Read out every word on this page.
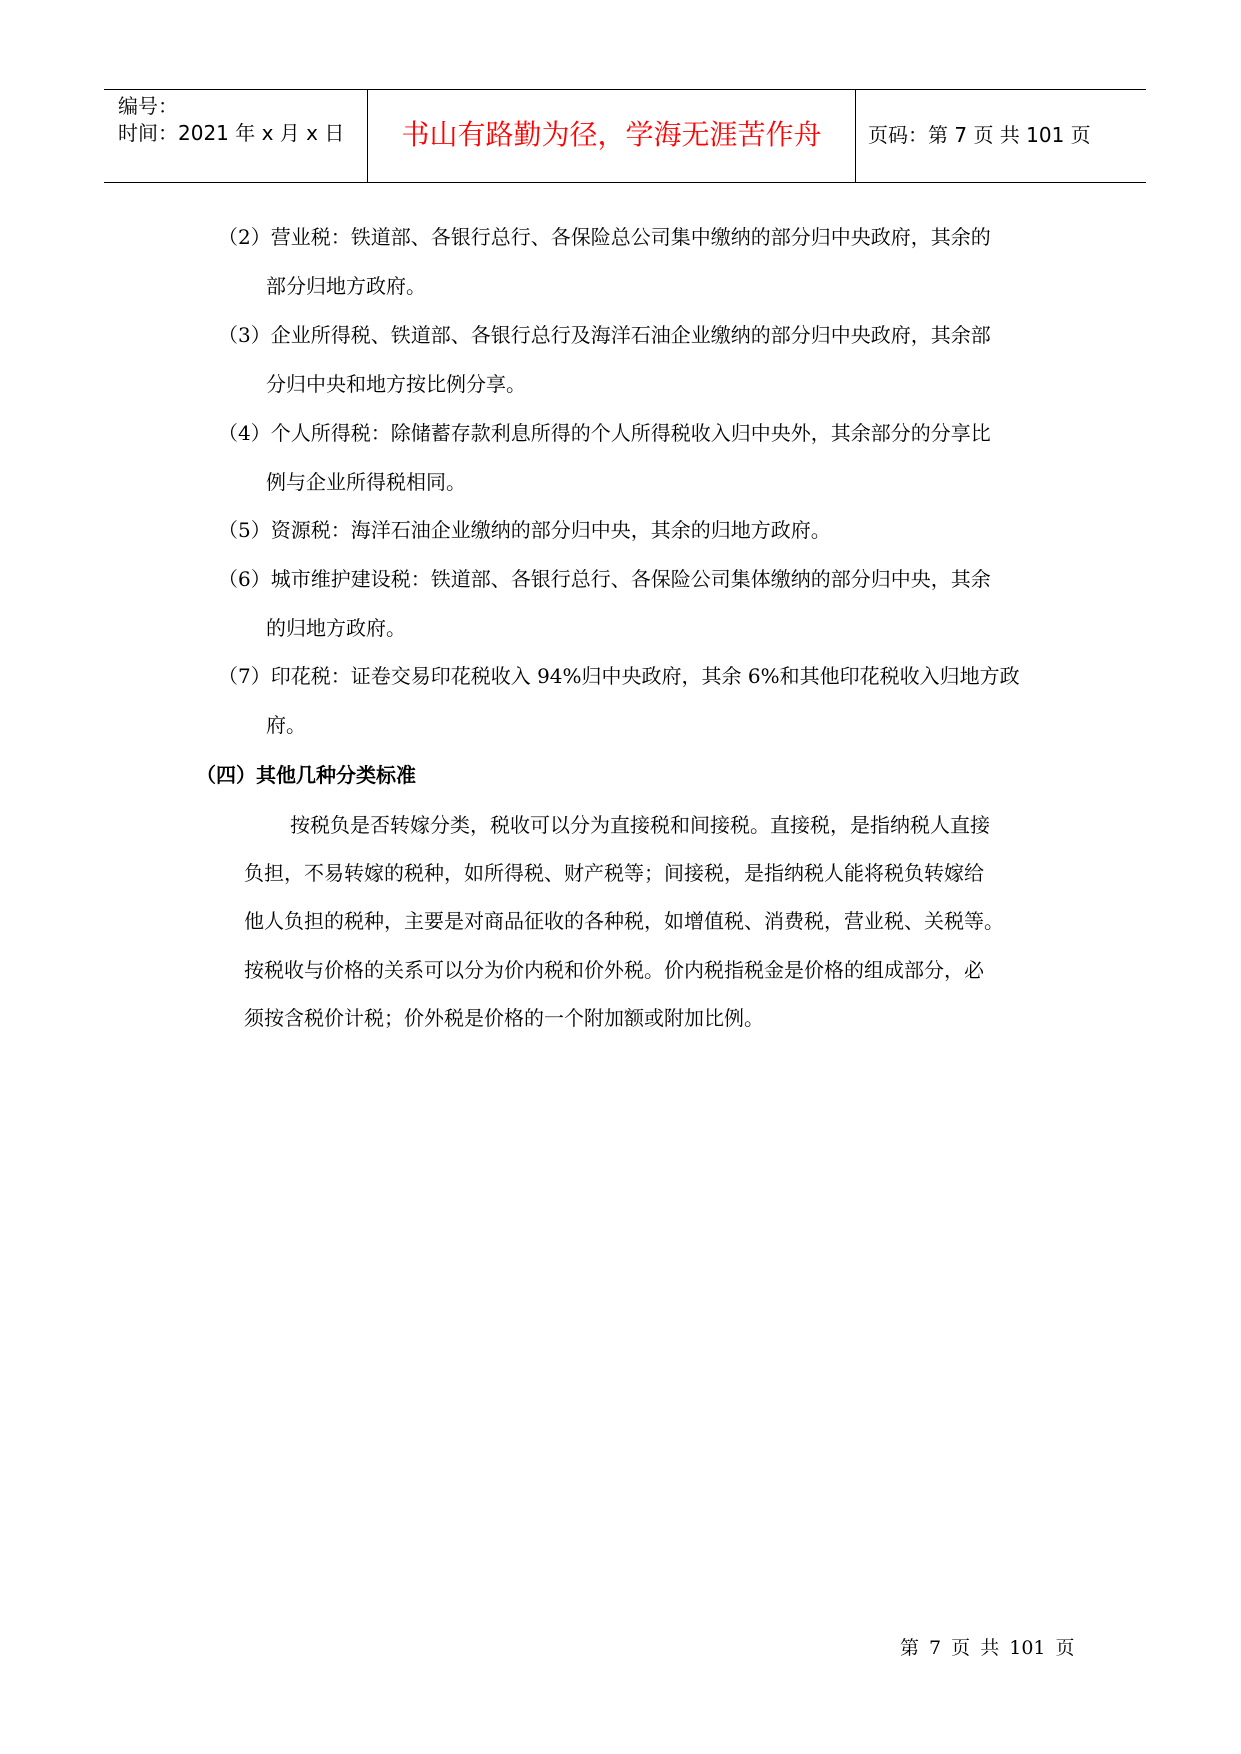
编号：
时间：2021 年 x 月 x 日	书山有路勤为径，学海无涯苦作舟	页码：第 7 页 共 101 页
（2）营业税：铁道部、各银行总行、各保险总公司集中缴纳的部分归中央政府，其余的
部分归地方政府。
（3）企业所得税、铁道部、各银行总行及海洋石油企业缴纳的部分归中央政府，其余部
分归中央和地方按比例分享。
（4）个人所得税：除储蓄存款利息所得的个人所得税收入归中央外，其余部分的分享比
例与企业所得税相同。
（5）资源税：海洋石油企业缴纳的部分归中央，其余的归地方政府。
（6）城市维护建设税：铁道部、各银行总行、各保险公司集体缴纳的部分归中央，其余
的归地方政府。
（7）印花税：证卷交易印花税收入 94%归中央政府，其余 6%和其他印花税收入归地方政
府。
（四）其他几种分类标准
按税负是否转嫁分类，税收可以分为直接税和间接税。直接税，是指纳税人直接
负担，不易转嫁的税种，如所得税、财产税等；间接税，是指纳税人能将税负转嫁给
他人负担的税种，主要是对商品征收的各种税，如增值税、消费税，营业税、关税等。
按税收与价格的关系可以分为价内税和价外税。价内税指税金是价格的组成部分，必
须按含税价计税；价外税是价格的一个附加额或附加比例。
第 7 页 共 101 页
